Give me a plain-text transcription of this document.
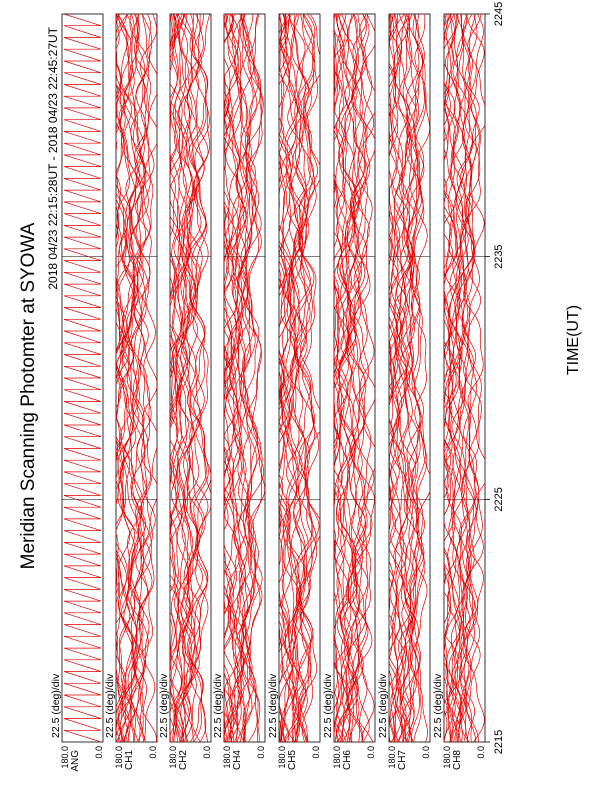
Meridian Scanning Photomter at SYOWA
2018 04/23 22:15:28UT - 2018 04/23 22:45:27UT
TIME(UT)
ANG
180.0	0.0
22.5 (deg)/div
CH1
180.0	0.0
22.5 (deg)/div
CH2
180.0	0.0
22.5 (deg)/div
CH4
180.0	0.0
22.5 (deg)/div
CH5
180.0	0.0
22.5 (deg)/div
CH6
180.0	0.0
22.5 (deg)/div
CH7
180.0	0.0
22.5 (deg)/div
CH8
180.0	0.0
22.5 (deg)/div
2215
2225
2235
2245
